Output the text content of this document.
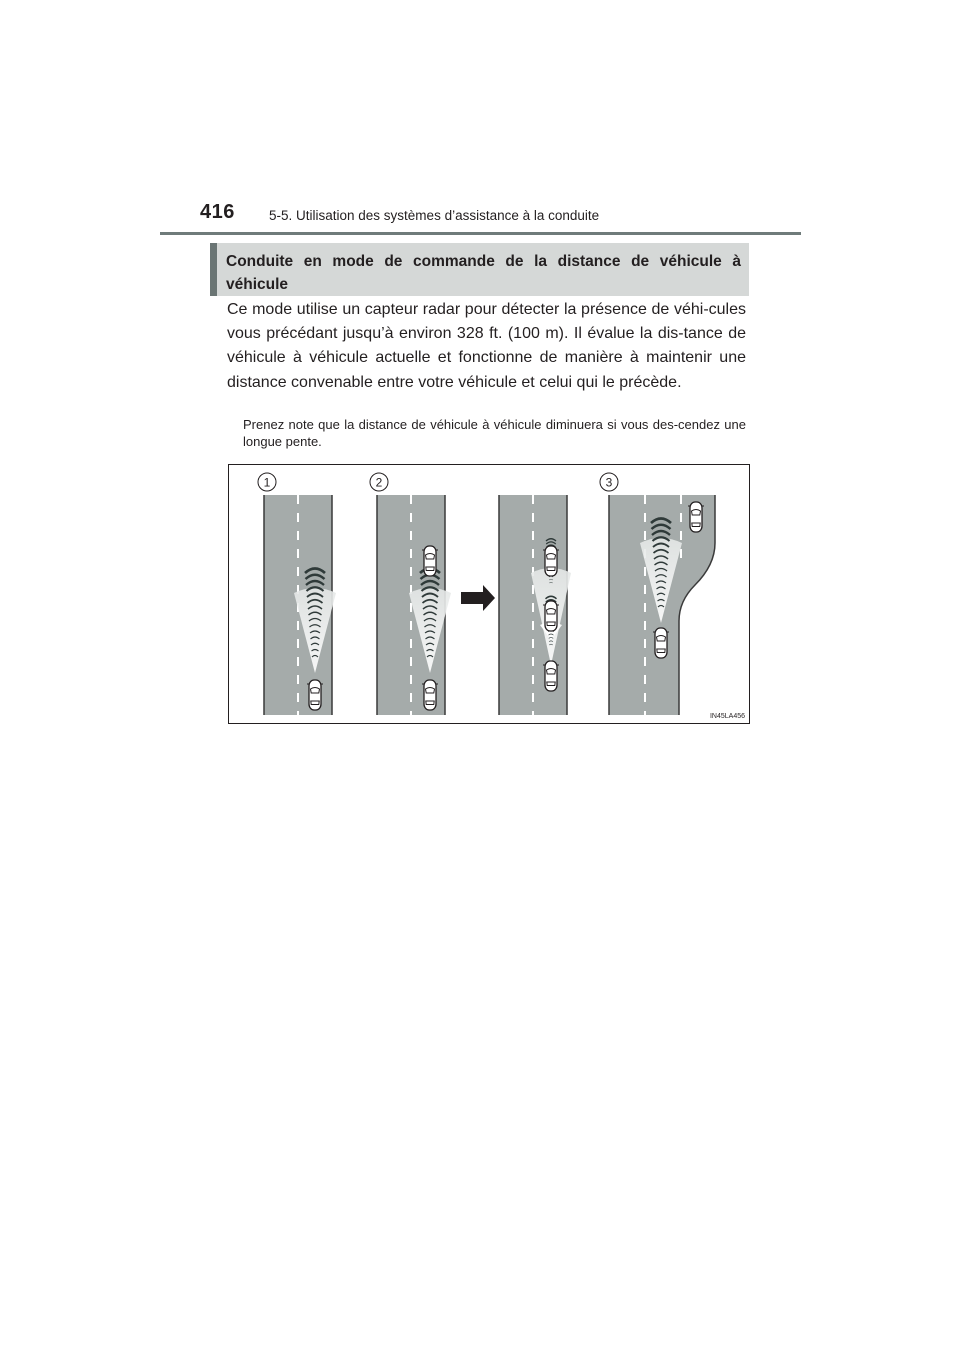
416	5-5. Utilisation des systèmes d’assistance à la conduite
Conduite en mode de commande de la distance de véhicule à véhicule

Ce mode utilise un capteur radar pour détecter la présence de véhi-cules vous précédant jusqu’à environ 328 ft. (100 m). Il évalue la dis-tance de véhicule à véhicule actuelle et fonctionne de manière à maintenir une distance convenable entre votre véhicule et celui qui le précède.

Prenez note que la distance de véhicule à véhicule diminuera si vous des-cendez une longue pente.

1	2	3
IN45LA456
